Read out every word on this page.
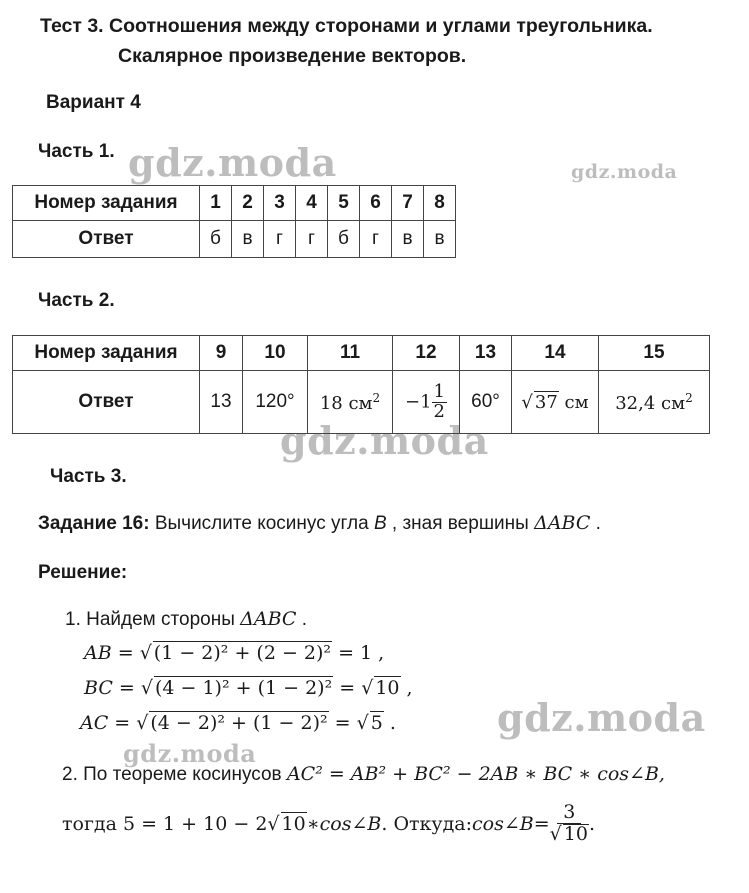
gdz.moda	gdz.moda
gdz.moda
gdz.moda
gdz.moda
Тест 3. Соотношения между сторонами и углами треугольника.
Скалярное произведение векторов.
Вариант 4
Часть 1.
Номер задания	1	2	3	4	5	6	7	8
Ответ	б	в	г	г	б	г	в	в
Часть 2.
Номер задания	9	10	11	12	13	14	15
Ответ	13	120°	18 $см^2$	$-1 \frac{1}{2}$	60°	√ 37 см	32,4 $см^2$
Часть 3.
Задание 16: Вычислите косинус угла B , зная вершины ΔABC .
Решение:
1. Найдем стороны ΔABC .
AB = √ (1 − 2)² + (2 − 2)² = 1 ,
BC = √ (4 − 1)² + (1 − 2)² = √ 10 ,
AC = √ (4 − 2)² + (1 − 2)² = √ 5 .
2. По теореме косинусов AC² = AB² + BC² − 2AB ∗ BC ∗ cos∠B,
тогда 5 = 1 + 10 − 2 √ 10 ∗ cos∠B . Откуда: cos∠B = $\frac{3}{√ 10}$ .
